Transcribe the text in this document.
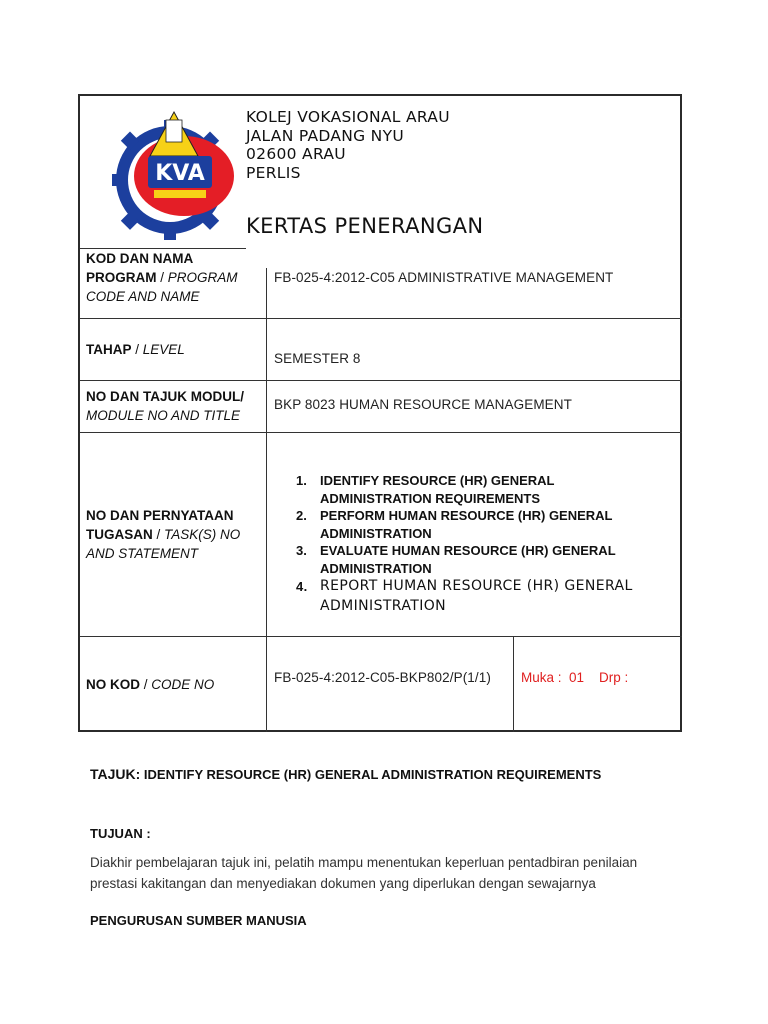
KVA
KOLEJ VOKASIONAL ARAU
JALAN PADANG NYU
02600 ARAU
PERLIS
KERTAS PENERANGAN
KOD DAN NAMA PROGRAM / PROGRAM CODE AND NAME
FB-025-4:2012-C05 ADMINISTRATIVE MANAGEMENT
TAHAP / LEVEL
SEMESTER 8
NO DAN TAJUK MODUL/
MODULE NO AND TITLE
BKP 8023 HUMAN RESOURCE MANAGEMENT
NO DAN PERNYATAAN TUGASAN / TASK(S) NO AND STATEMENT
1. IDENTIFY RESOURCE (HR) GENERAL ADMINISTRATION REQUIREMENTS
2. PERFORM HUMAN RESOURCE (HR) GENERAL ADMINISTRATION
3. EVALUATE HUMAN RESOURCE (HR) GENERAL ADMINISTRATION
4. REPORT HUMAN RESOURCE (HR) GENERAL ADMINISTRATION
NO KOD / CODE NO	FB-025-4:2012-C05-BKP802/P(1/1) Muka :  01    Drp :
TAJUK: IDENTIFY RESOURCE (HR) GENERAL ADMINISTRATION REQUIREMENTS
TUJUAN :
Diakhir pembelajaran tajuk ini, pelatih mampu menentukan keperluan pentadbiran penilaian prestasi kakitangan dan menyediakan dokumen yang diperlukan dengan sewajarnya
PENGURUSAN SUMBER MANUSIA
